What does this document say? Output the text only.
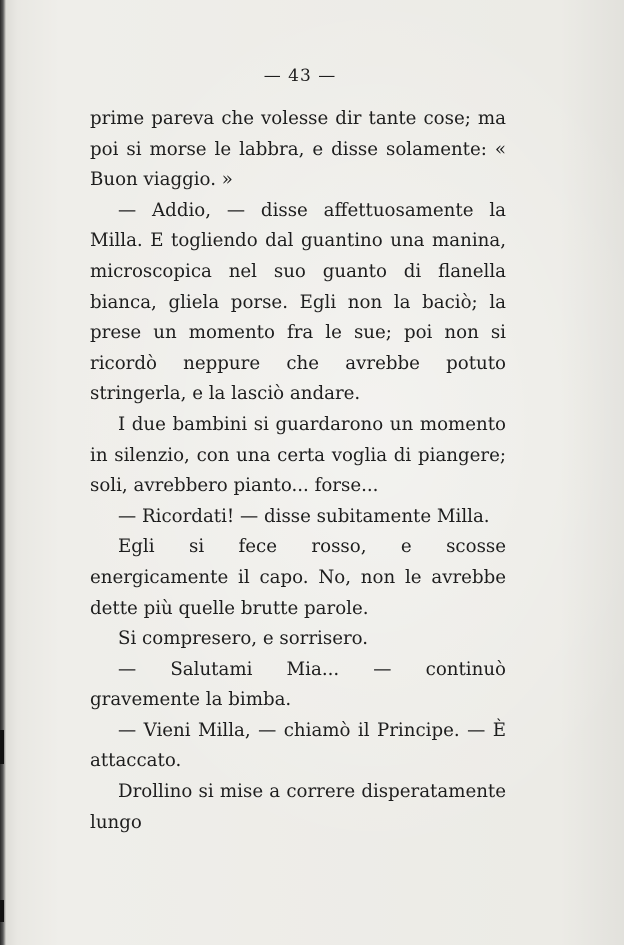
— 43 —

prime pareva che volesse dir tante cose; ma poi si morse le labbra, e disse solamente: « Buon viaggio. »

— Addio, — disse affettuosamente la Milla. E togliendo dal guantino una manina, microscopica nel suo guanto di flanella bianca, gliela porse. Egli non la baciò; la prese un momento fra le sue; poi non si ricordò neppure che avrebbe potuto stringerla, e la lasciò andare.

I due bambini si guardarono un momento in silenzio, con una certa voglia di piangere; soli, avrebbero pianto... forse...

— Ricordati! — disse subitamente Milla.

Egli si fece rosso, e scosse energicamente il capo. No, non le avrebbe dette più quelle brutte parole.

Si compresero, e sorrisero.

— Salutami Mia... — continuò gravemente la bimba.

— Vieni Milla, — chiamò il Principe. — È attaccato.

Drollino si mise a correre disperatamente lungo
